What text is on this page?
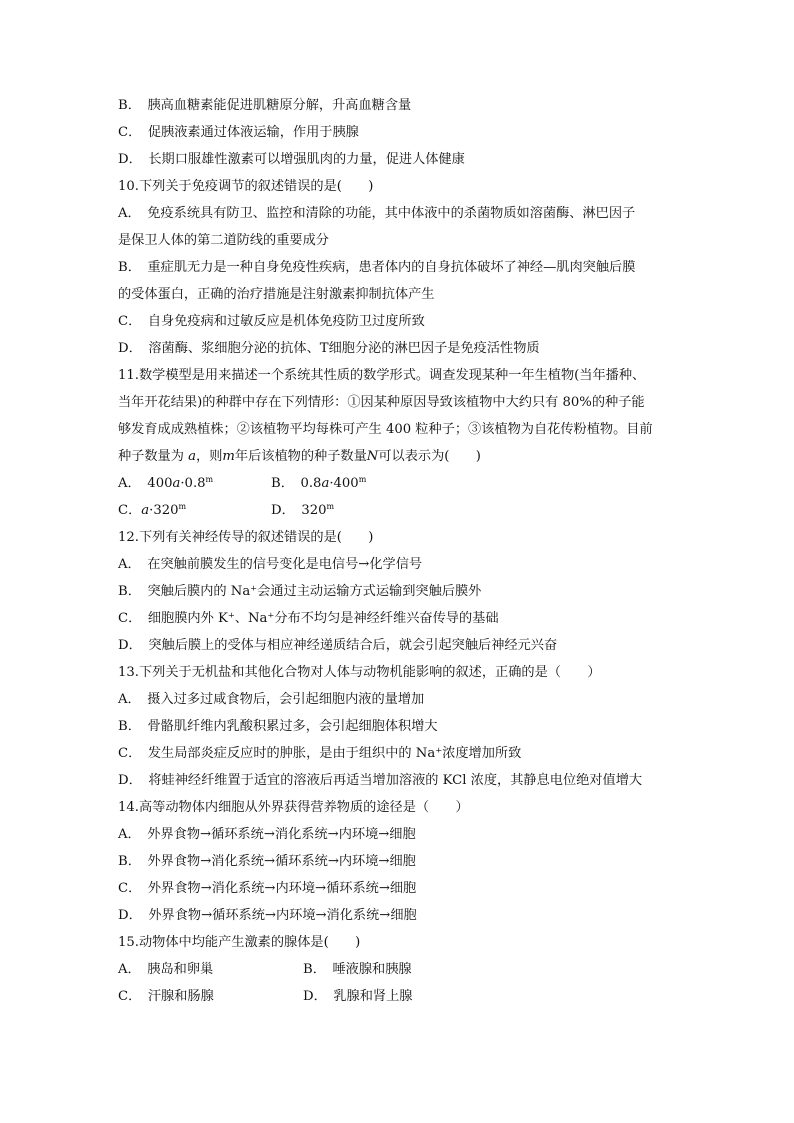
B．　胰高血糖素能促进肌糖原分解，升高血糖含量
C．　促胰液素通过体液运输，作用于胰腺
D．　长期口服雄性激素可以增强肌肉的力量，促进人体健康
10.下列关于免疫调节的叙述错误的是(　　)
A．　免疫系统具有防卫、监控和清除的功能，其中体液中的杀菌物质如溶菌酶、淋巴因子
是保卫人体的第二道防线的重要成分
B．　重症肌无力是一种自身免疫性疾病，患者体内的自身抗体破坏了神经—肌肉突触后膜
的受体蛋白，正确的治疗措施是注射激素抑制抗体产生
C．　自身免疫病和过敏反应是机体免疫防卫过度所致
D．　溶菌酶、浆细胞分泌的抗体、T细胞分泌的淋巴因子是免疫活性物质
11.数学模型是用来描述一个系统其性质的数学形式。调查发现某种一年生植物(当年播种、
当年开花结果)的种群中存在下列情形：①因某种原因导致该植物中大约只有 80%的种子能
够发育成成熟植株；②该植物平均每株可产生 400 粒种子；③该植物为自花传粉植物。目前
种子数量为 a，则m年后该植物的种子数量N可以表示为(　　)
A．　$400a\cdot 0.8^m$	B．　$0.8a\cdot 400^m$
C．$a\cdot 320^m$	D．　320$^m$
12.下列有关神经传导的叙述错误的是(　　)
A．　在突触前膜发生的信号变化是电信号→化学信号
B．　突触后膜内的 Na⁺会通过主动运输方式运输到突触后膜外
C．　细胞膜内外 K⁺、Na⁺分布不均匀是神经纤维兴奋传导的基础
D．　突触后膜上的受体与相应神经递质结合后，就会引起突触后神经元兴奋
13.下列关于无机盐和其他化合物对人体与动物机能影响的叙述，正确的是（　　）
A．　摄入过多过咸食物后，会引起细胞内液的量增加
B．　骨骼肌纤维内乳酸积累过多，会引起细胞体积增大
C．　发生局部炎症反应时的肿胀，是由于组织中的 Na⁺浓度增加所致
D．　将蛙神经纤维置于适宜的溶液后再适当增加溶液的 KCl 浓度，其静息电位绝对值增大
14.高等动物体内细胞从外界获得营养物质的途径是（　　）
A．　外界食物→循环系统→消化系统→内环境→细胞
B．　外界食物→消化系统→循环系统→内环境→细胞
C．　外界食物→消化系统→内环境→循环系统→细胞
D．　外界食物→循环系统→内环境→消化系统→细胞
15.动物体中均能产生激素的腺体是(　　)
A．　胰岛和卵巢	B．　唾液腺和胰腺
C．　汗腺和肠腺	D．　乳腺和肾上腺
